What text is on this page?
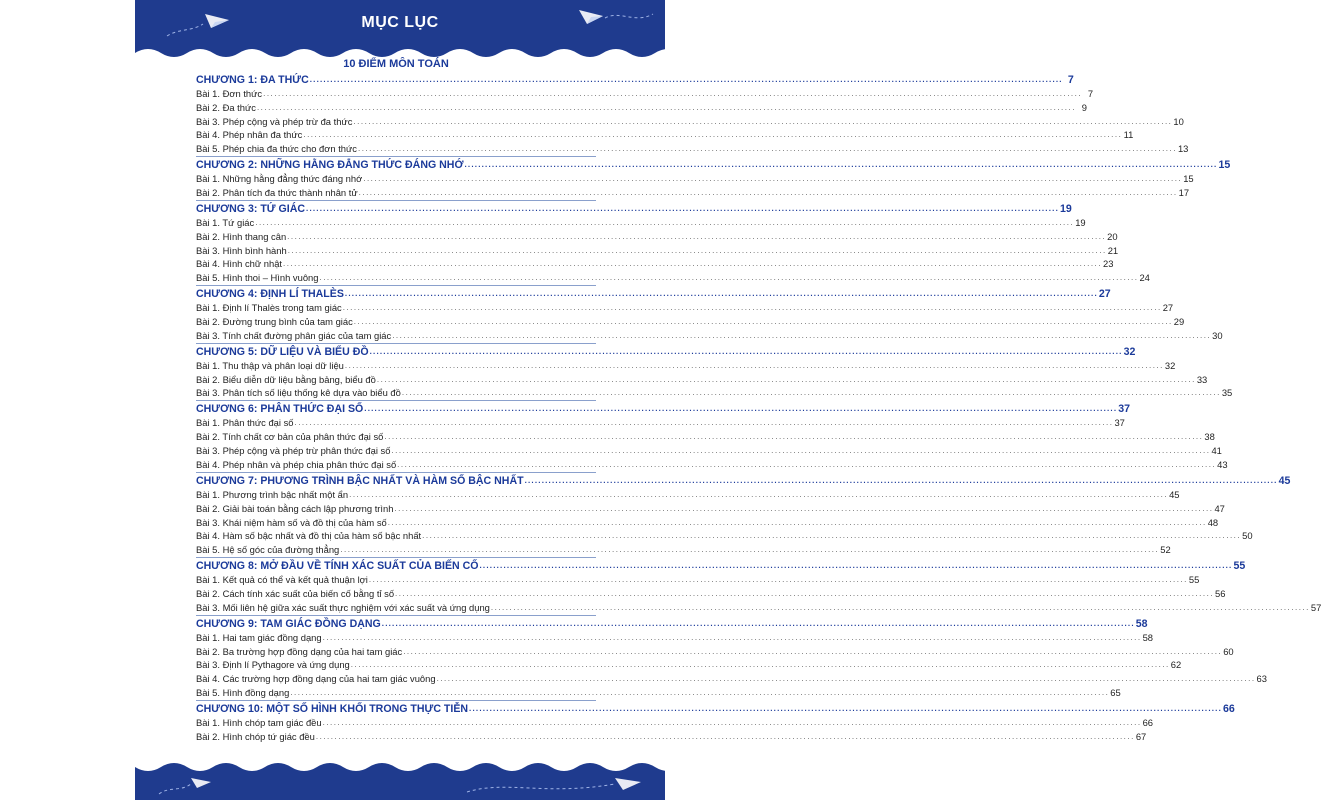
MỤC LỤC
10 ĐIỂM MÔN TOÁN
CHƯƠNG 1: ĐA THỨC ............................................................................................................................................................................................................................ 7
Bài 1. Đơn thức ............................................................................................................................................................................................................................ 7
Bài 2. Đa thức ............................................................................................................................................................................................................................ 9
Bài 3. Phép cộng và phép trừ đa thức ............................................................................................................................................................................................................................ 10
Bài 4. Phép nhân đa thức ............................................................................................................................................................................................................................ 11
Bài 5. Phép chia đa thức cho đơn thức ............................................................................................................................................................................................................................ 13
CHƯƠNG 2: NHỮNG HẰNG ĐẲNG THỨC ĐÁNG NHỚ ............................................................................................................................................................................................................................ 15
Bài 1. Những hằng đẳng thức đáng nhớ ............................................................................................................................................................................................................................ 15
Bài 2. Phân tích đa thức thành nhân tử ............................................................................................................................................................................................................................ 17
CHƯƠNG 3: TỨ GIÁC ............................................................................................................................................................................................................................ 19
Bài 1. Tứ giác ............................................................................................................................................................................................................................ 19
Bài 2. Hình thang cân ............................................................................................................................................................................................................................ 20
Bài 3. Hình bình hành ............................................................................................................................................................................................................................ 21
Bài 4. Hình chữ nhật ............................................................................................................................................................................................................................ 23
Bài 5. Hình thoi – Hình vuông ............................................................................................................................................................................................................................ 24
CHƯƠNG 4: ĐỊNH LÍ THALÈS ............................................................................................................................................................................................................................ 27
Bài 1. Định lí Thalès trong tam giác ............................................................................................................................................................................................................................ 27
Bài 2. Đường trung bình của tam giác ............................................................................................................................................................................................................................ 29
Bài 3. Tính chất đường phân giác của tam giác ............................................................................................................................................................................................................................ 30
CHƯƠNG 5: DỮ LIỆU VÀ BIỂU ĐỒ ............................................................................................................................................................................................................................ 32
Bài 1. Thu thập và phân loại dữ liệu ............................................................................................................................................................................................................................ 32
Bài 2. Biểu diễn dữ liệu bằng bảng, biểu đồ ............................................................................................................................................................................................................................ 33
Bài 3. Phân tích số liệu thống kê dựa vào biểu đồ ............................................................................................................................................................................................................................ 35
CHƯƠNG 6: PHÂN THỨC ĐẠI SỐ ............................................................................................................................................................................................................................ 37
Bài 1. Phân thức đại số ............................................................................................................................................................................................................................ 37
Bài 2. Tính chất cơ bản của phân thức đại số ............................................................................................................................................................................................................................ 38
Bài 3. Phép cộng và phép trừ phân thức đại số ............................................................................................................................................................................................................................ 41
Bài 4. Phép nhân và phép chia phân thức đại số ............................................................................................................................................................................................................................ 43
CHƯƠNG 7: PHƯƠNG TRÌNH BẬC NHẤT VÀ HÀM SỐ BẬC NHẤT ............................................................................................................................................................................................................................ 45
Bài 1. Phương trình bậc nhất một ẩn ............................................................................................................................................................................................................................ 45
Bài 2. Giải bài toán bằng cách lập phương trình ............................................................................................................................................................................................................................ 47
Bài 3. Khái niệm hàm số và đồ thị của hàm số ............................................................................................................................................................................................................................ 48
Bài 4. Hàm số bậc nhất và đồ thị của hàm số bậc nhất ............................................................................................................................................................................................................................ 50
Bài 5. Hệ số góc của đường thẳng ............................................................................................................................................................................................................................ 52
CHƯƠNG 8: MỞ ĐẦU VỀ TÍNH XÁC SUẤT CỦA BIẾN CỐ ............................................................................................................................................................................................................................ 55
Bài 1. Kết quả có thể và kết quả thuận lợi ............................................................................................................................................................................................................................ 55
Bài 2. Cách tính xác suất của biến cố bằng tỉ số ............................................................................................................................................................................................................................ 56
Bài 3. Mối liên hệ giữa xác suất thực nghiệm với xác suất và ứng dụng ............................................................................................................................................................................................................................ 57
CHƯƠNG 9: TAM GIÁC ĐỒNG DẠNG ............................................................................................................................................................................................................................ 58
Bài 1. Hai tam giác đồng dạng ............................................................................................................................................................................................................................ 58
Bài 2. Ba trường hợp đồng dạng của hai tam giác ............................................................................................................................................................................................................................ 60
Bài 3. Định lí Pythagore và ứng dụng ............................................................................................................................................................................................................................ 62
Bài 4. Các trường hợp đồng dạng của hai tam giác vuông ............................................................................................................................................................................................................................ 63
Bài 5. Hình đồng dạng ............................................................................................................................................................................................................................ 65
CHƯƠNG 10: MỘT SỐ HÌNH KHỐI TRONG THỰC TIỄN ............................................................................................................................................................................................................................ 66
Bài 1. Hình chóp tam giác đều ............................................................................................................................................................................................................................ 66
Bài 2. Hình chóp tứ giác đều ............................................................................................................................................................................................................................ 67
